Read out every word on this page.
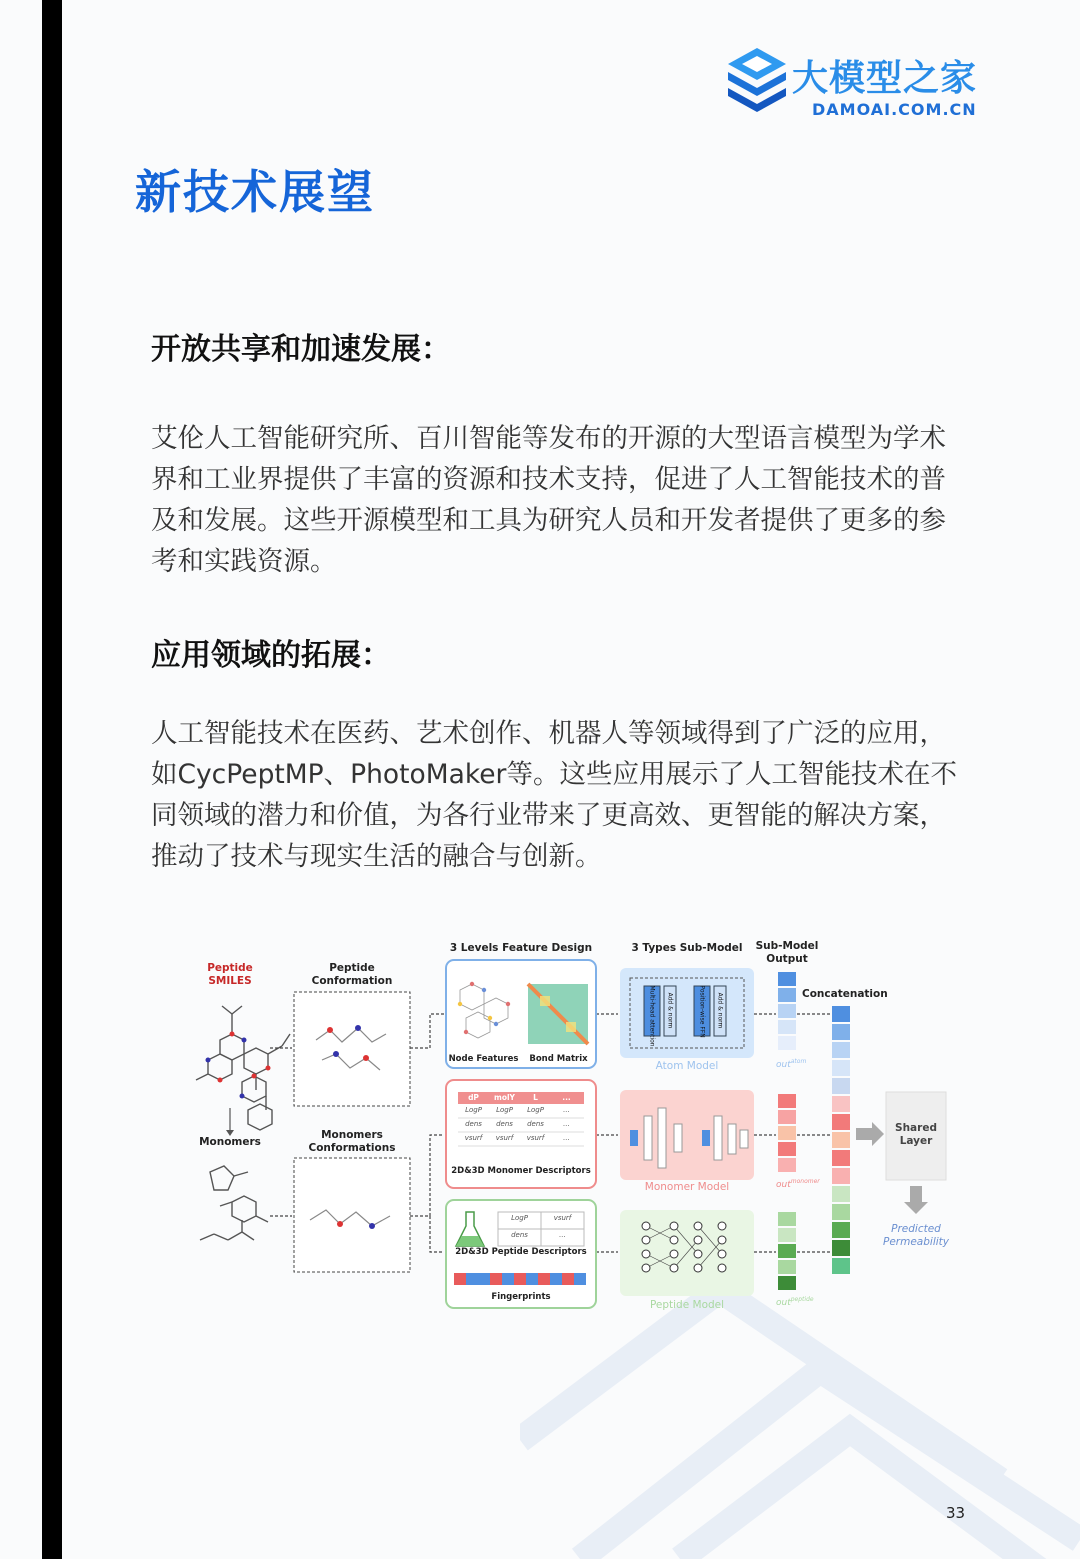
大模型之家
DAMOAI.COM.CN
新技术展望
开放共享和加速发展：
艾伦人工智能研究所、百川智能等发布的开源的大型语言模型为学术
界和工业界提供了丰富的资源和技术支持，促进了人工智能技术的普
及和发展。这些开源模型和工具为研究人员和开发者提供了更多的参
考和实践资源。
应用领域的拓展：
人工智能技术在医药、艺术创作、机器人等领域得到了广泛的应用，
如CycPeptMP、PhotoMaker等。这些应用展示了人工智能技术在不
同领域的潜力和价值，为各行业带来了更高效、更智能的解决方案，
推动了技术与现实生活的融合与创新。
Peptide
SMILES
Peptide
Conformation
Monomers
Monomers
Conformations
3 Levels Feature Design	3 Types Sub-Model	Sub-Model
Output
Concatenation
Node Features	Bond Matrix
dP	molY	L	...
LogP	LogP	LogP	...
dens	dens	dens	...
vsurf	vsurf	vsurf	...
2D&3D Monomer Descriptors
LogP	vsurf
dens	...
2D&3D Peptide Descriptors
Fingerprints
Multi-head attention Add & norm	Position-wise FFN Add & norm
Atom Model
Monomer Model
Peptide Model
out$^{atom}$
out$^{monomer}$
out$^{peptide}$
Shared
Layer
Predicted
Permeability
33
